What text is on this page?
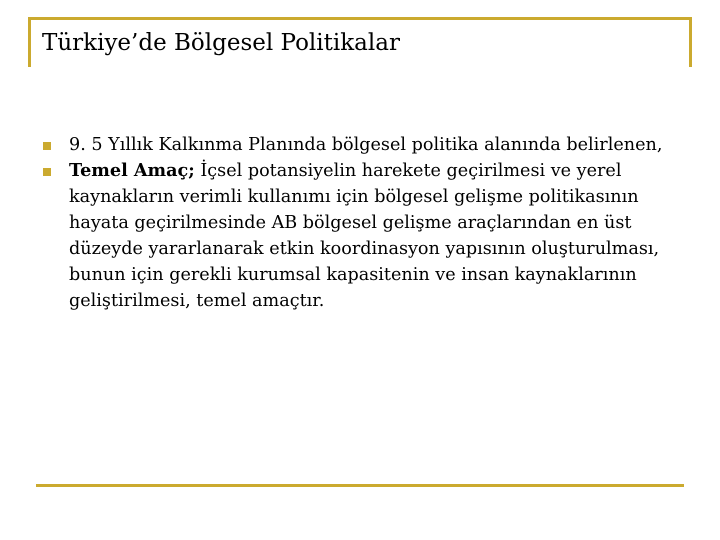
Türkiye’de Bölgesel Politikalar
9. 5 Yıllık Kalkınma Planında bölgesel politika alanında belirlenen,
Temel Amaç; İçsel potansiyelin harekete geçirilmesi ve yerel kaynakların verimli kullanımı için bölgesel gelişme politikasının hayata geçirilmesinde AB bölgesel gelişme araçlarından en üst düzeyde yararlanarak etkin koordinasyon yapısının oluşturulması, bunun için gerekli kurumsal kapasitenin ve insan kaynaklarının geliştirilmesi, temel amaçtır.
